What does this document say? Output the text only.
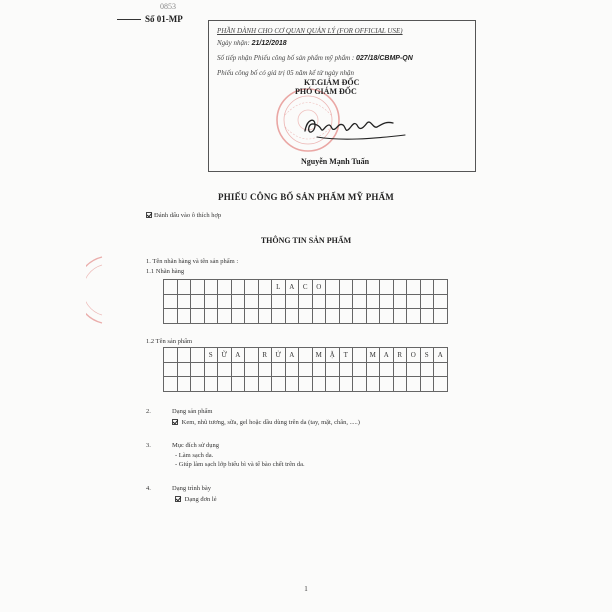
0853
Số 01-MP
PHẦN DÀNH CHO CƠ QUAN QUẢN LÝ (FOR OFFICIAL USE)
Ngày nhận: 21/12/2018
Số tiếp nhận Phiếu công bố sản phẩm mỹ phẩm : 027/18/CBMP-QN
Phiếu công bố có giá trị 05 năm kể từ ngày nhận
KT.GIÁM ĐỐC
PHÓ GIÁM ĐỐC
Nguyễn Mạnh Tuấn
PHIẾU CÔNG BỐ SẢN PHẨM MỸ PHẨM
Đánh dấu vào ô thích hợp
THÔNG TIN SẢN PHẨM
1. Tên nhãn hàng và tên sản phẩm :
1.1 Nhãn hàng
								L	A	C	O									

1.2 Tên sản phẩm
			S	Ữ	A		R	Ử	A		M	Ặ	T		M	A	R	O	S	A

2.	Dạng sản phẩm
Kem, nhũ tương, sữa, gel hoặc dầu dùng trên da (tay, mặt, chân, .....)
3.	Mục đích sử dụng
- Làm sạch da.
- Giúp làm sạch lớp biểu bì và tế bào chết trên da.
4.	Dạng trình bày
Dạng đơn lẻ
1
